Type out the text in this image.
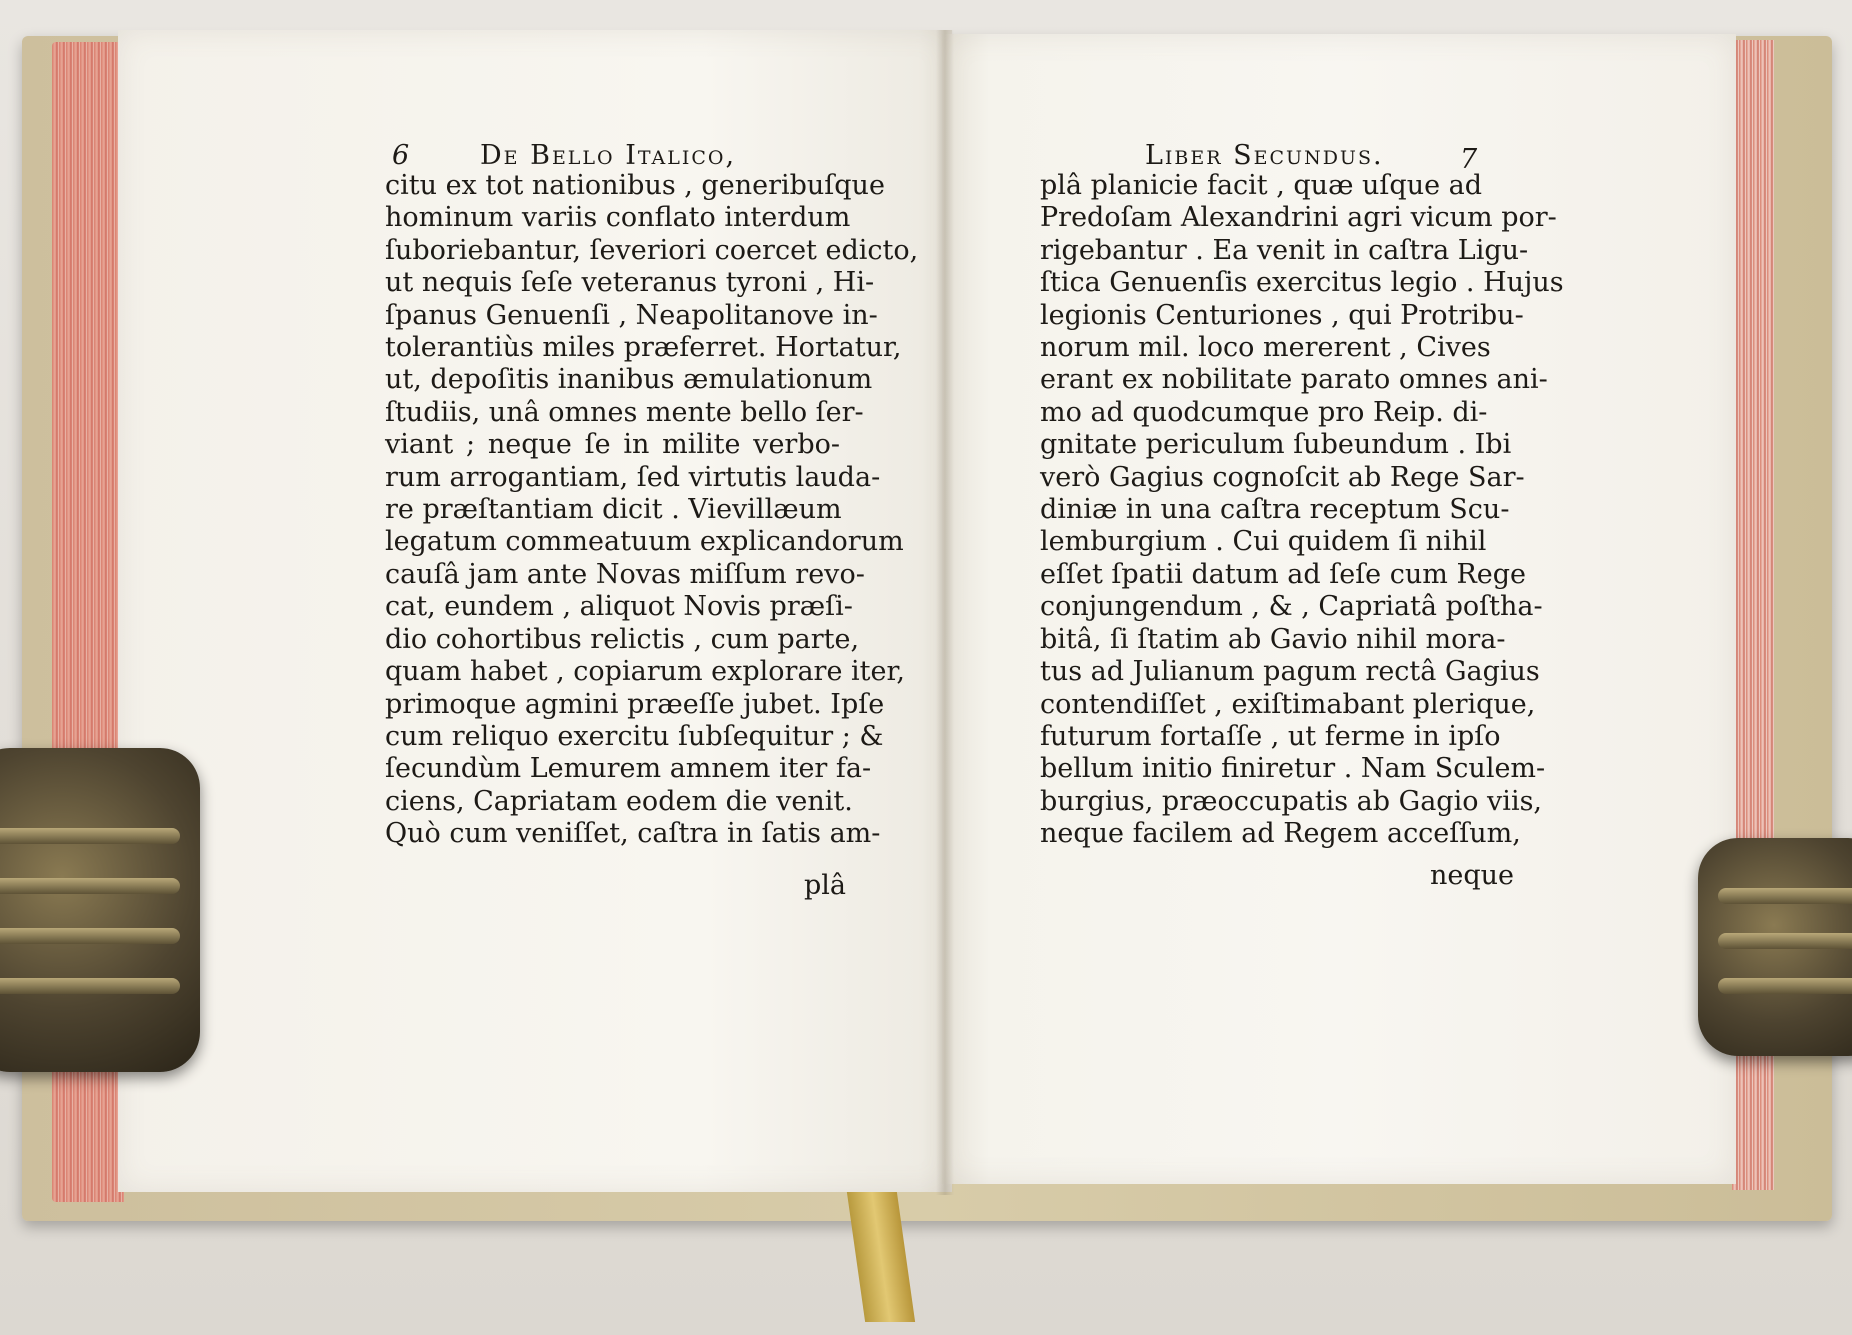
6	De Bello Italico,
citu ex tot nationibus , generibuſque
hominum variis conflato interdum
ſuboriebantur, ſeveriori coercet edicto,
ut nequis ſeſe veteranus tyroni , Hi-
ſpanus Genuenſi , Neapolitanove in-
tolerantiùs miles præferret. Hortatur,
ut, depoſitis inanibus æmulationum
ſtudiis, unâ omnes mente bello ſer-
viant ; neque ſe in milite verbo-
rum arrogantiam, ſed virtutis lauda-
re præſtantiam dicit . Vievillæum
legatum commeatuum explicandorum
cauſâ jam ante Novas miſſum revo-
cat, eundem , aliquot Novis præſi-
dio cohortibus relictis , cum parte,
quam habet , copiarum explorare iter,
primoque agmini præeſſe jubet. Ipſe
cum reliquo exercitu ſubſequitur ; &
ſecundùm Lemurem amnem iter fa-
ciens, Capriatam eodem die venit.
Quò cum veniſſet, caſtra in ſatis am-
plâ
Liber Secundus.	7
plâ planicie facit , quæ uſque ad
Predoſam Alexandrini agri vicum por-
rigebantur . Ea venit in caſtra Ligu-
ſtica Genuenſis exercitus legio . Hujus
legionis Centuriones , qui Protribu-
norum mil. loco mererent , Cives
erant ex nobilitate parato omnes ani-
mo ad quodcumque pro Reip. di-
gnitate periculum ſubeundum . Ibi
verò Gagius cognoſcit ab Rege Sar-
diniæ in una caſtra receptum Scu-
lemburgium . Cui quidem ſi nihil
eſſet ſpatii datum ad ſeſe cum Rege
conjungendum , & , Capriatâ poſtha-
bitâ, ſi ſtatim ab Gavio nihil mora-
tus ad Julianum pagum rectâ Gagius
contendiſſet , exiſtimabant plerique,
futurum fortaſſe , ut ferme in ipſo
bellum initio finiretur . Nam Sculem-
burgius, præoccupatis ab Gagio viis,
neque facilem ad Regem acceſſum,
neque
